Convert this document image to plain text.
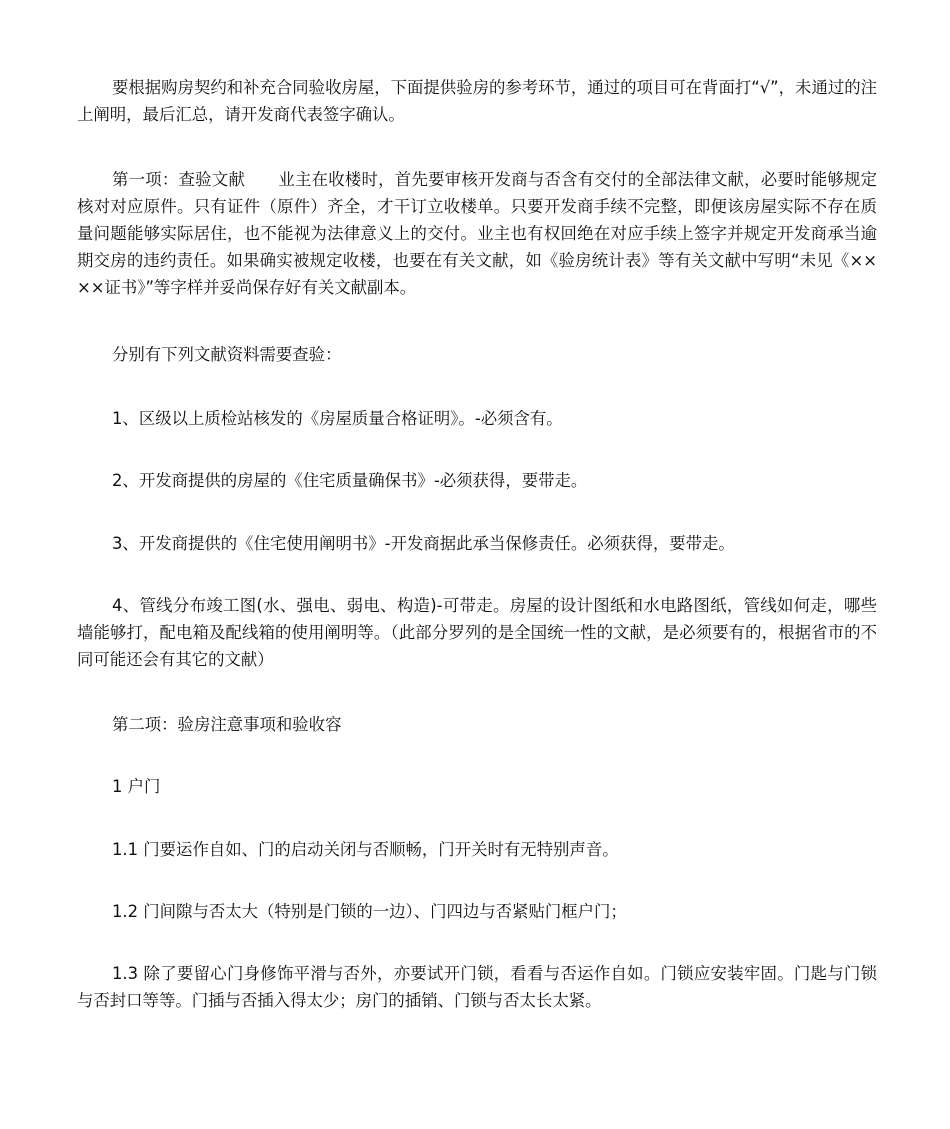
要根据购房契约和补充合同验收房屋，下面提供验房的参考环节，通过的项目可在背面打“√”，未通过的注上阐明，最后汇总，请开发商代表签字确认。

第一项：查验文献　　业主在收楼时，首先要审核开发商与否含有交付的全部法律文献，必要时能够规定核对对应原件。只有证件（原件）齐全，才干订立收楼单。只要开发商手续不完整，即便该房屋实际不存在质量问题能够实际居住，也不能视为法律意义上的交付。业主也有权回绝在对应手续上签字并规定开发商承当逾期交房的违约责任。如果确实被规定收楼，也要在有关文献，如《验房统计表》等有关文献中写明“未见《××××证书》”等字样并妥尚保存好有关文献副本。

分别有下列文献资料需要查验：

1、区级以上质检站核发的《房屋质量合格证明》。-必须含有。

2、开发商提供的房屋的《住宅质量确保书》-必须获得，要带走。

3、开发商提供的《住宅使用阐明书》-开发商据此承当保修责任。必须获得，要带走。

4、管线分布竣工图(水、强电、弱电、构造)-可带走。房屋的设计图纸和水电路图纸，管线如何走，哪些墙能够打，配电箱及配线箱的使用阐明等。（此部分罗列的是全国统一性的文献，是必须要有的，根据省市的不同可能还会有其它的文献）

第二项：验房注意事项和验收容

1 户门

1.1 门要运作自如、门的启动关闭与否顺畅，门开关时有无特别声音。

1.2 门间隙与否太大（特别是门锁的一边）、门四边与否紧贴门框户门；

1.3 除了要留心门身修饰平滑与否外，亦要试开门锁，看看与否运作自如。门锁应安装牢固。门匙与门锁与否封口等等。门插与否插入得太少；房门的插销、门锁与否太长太紧。
